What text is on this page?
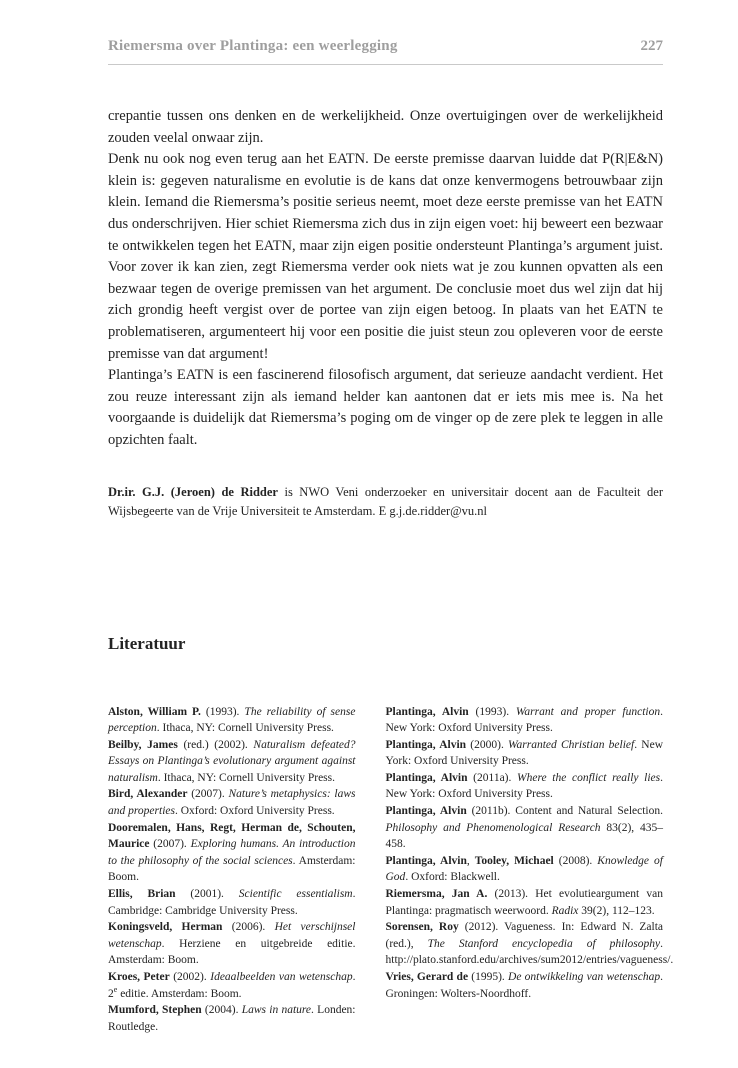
Riemersma over Plantinga: een weerlegging	227

crepantie tussen ons denken en de werkelijkheid. Onze overtuigingen over de werkelijkheid zouden veelal onwaar zijn.

Denk nu ook nog even terug aan het EATN. De eerste premisse daarvan luidde dat P(R|E&N) klein is: gegeven naturalisme en evolutie is de kans dat onze kenvermogens betrouwbaar zijn klein. Iemand die Riemersma’s positie serieus neemt, moet deze eerste premisse van het EATN dus onderschrijven. Hier schiet Riemersma zich dus in zijn eigen voet: hij beweert een bezwaar te ontwikkelen tegen het EATN, maar zijn eigen positie ondersteunt Plantinga’s argument juist. Voor zover ik kan zien, zegt Riemersma verder ook niets wat je zou kunnen opvatten als een bezwaar tegen de overige premissen van het argument. De conclusie moet dus wel zijn dat hij zich grondig heeft vergist over de portee van zijn eigen betoog. In plaats van het EATN te problematiseren, argumenteert hij voor een positie die juist steun zou opleveren voor de eerste premisse van dat argument!

Plantinga’s EATN is een fascinerend filosofisch argument, dat serieuze aandacht verdient. Het zou reuze interessant zijn als iemand helder kan aantonen dat er iets mis mee is. Na het voorgaande is duidelijk dat Riemersma’s poging om de vinger op de zere plek te leggen in alle opzichten faalt.

Dr.ir. G.J. (Jeroen) de Ridder is NWO Veni onderzoeker en universitair docent aan de Faculteit der Wijsbegeerte van de Vrije Universiteit te Amsterdam. E g.j.de.ridder@vu.nl

Literatuur

Alston, William P. (1993). The reliability of sense perception. Ithaca, NY: Cornell University Press.

Beilby, James (red.) (2002). Naturalism defeated? Essays on Plantinga’s evolutionary argument against naturalism. Ithaca, NY: Cornell University Press.

Bird, Alexander (2007). Nature’s metaphysics: laws and properties. Oxford: Oxford University Press.

Dooremalen, Hans, Regt, Herman de, Schouten, Maurice (2007). Exploring humans. An introduction to the philosophy of the social sciences. Amsterdam: Boom.

Ellis, Brian (2001). Scientific essentialism. Cambridge: Cambridge University Press.

Koningsveld, Herman (2006). Het verschijnsel wetenschap. Herziene en uitgebreide editie. Amsterdam: Boom.

Kroes, Peter (2002). Ideaalbeelden van wetenschap. 2e editie. Amsterdam: Boom.

Mumford, Stephen (2004). Laws in nature. Londen: Routledge.

Plantinga, Alvin (1993). Warrant and proper function. New York: Oxford University Press.

Plantinga, Alvin (2000). Warranted Christian belief. New York: Oxford University Press.

Plantinga, Alvin (2011a). Where the conflict really lies. New York: Oxford University Press.

Plantinga, Alvin (2011b). Content and Natural Selection. Philosophy and Phenomenological Research 83(2), 435–458.

Plantinga, Alvin, Tooley, Michael (2008). Knowledge of God. Oxford: Blackwell.

Riemersma, Jan A. (2013). Het evolutieargument van Plantinga: pragmatisch weerwoord. Radix 39(2), 112–123.

Sorensen, Roy (2012). Vagueness. In: Edward N. Zalta (red.), The Stanford encyclopedia of philosophy. http://plato.stanford.edu/archives/sum2012/entries/vagueness/.

Vries, Gerard de (1995). De ontwikkeling van wetenschap. Groningen: Wolters-Noordhoff.
